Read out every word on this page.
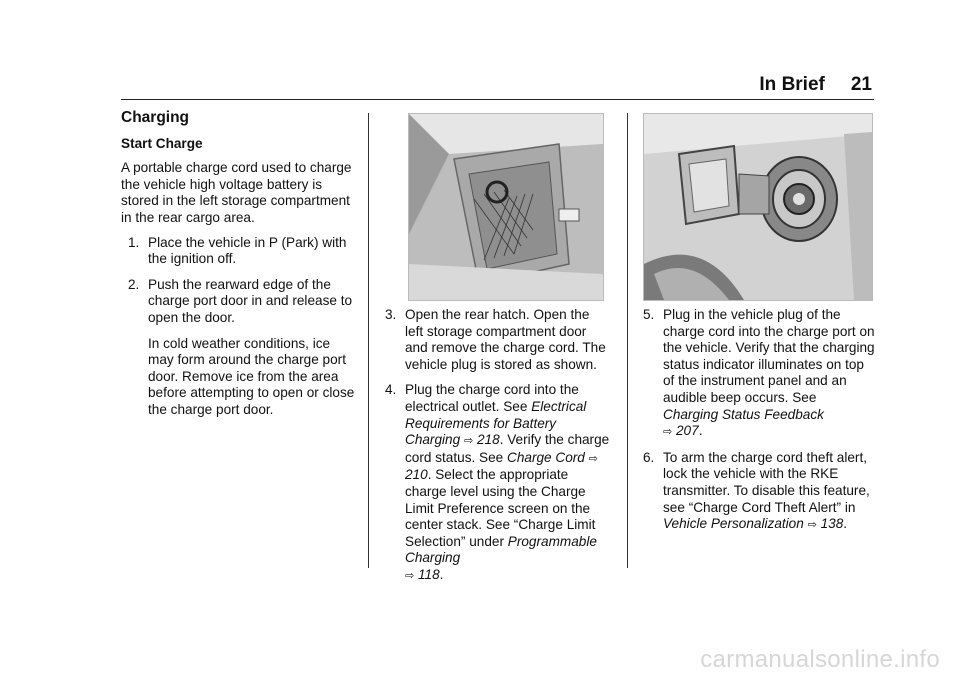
In Brief 21
Charging
Start Charge

A portable charge cord used to charge the vehicle high voltage battery is stored in the left storage compartment in the rear cargo area.

1. Place the vehicle in P (Park) with the ignition off.
2. Push the rearward edge of the charge port door in and release to open the door.
In cold weather conditions, ice may form around the charge port door. Remove ice from the area before attempting to open or close the charge port door.
3. Open the rear hatch. Open the left storage compartment door and remove the charge cord. The vehicle plug is stored as shown.
4. Plug the charge cord into the electrical outlet. See Electrical Requirements for Battery Charging ⇨ 218. Verify the charge cord status. See Charge Cord ⇨ 210. Select the appropriate charge level using the Charge Limit Preference screen on the center stack. See “Charge Limit Selection” under Programmable Charging
⇨ 118.
5. Plug in the vehicle plug of the charge cord into the charge port on the vehicle. Verify that the charging status indicator illuminates on top of the instrument panel and an audible beep occurs. See Charging Status Feedback
⇨ 207.
6. To arm the charge cord theft alert, lock the vehicle with the RKE transmitter. To disable this feature, see “Charge Cord Theft Alert” in Vehicle Personalization ⇨ 138.
carmanualsonline.info
